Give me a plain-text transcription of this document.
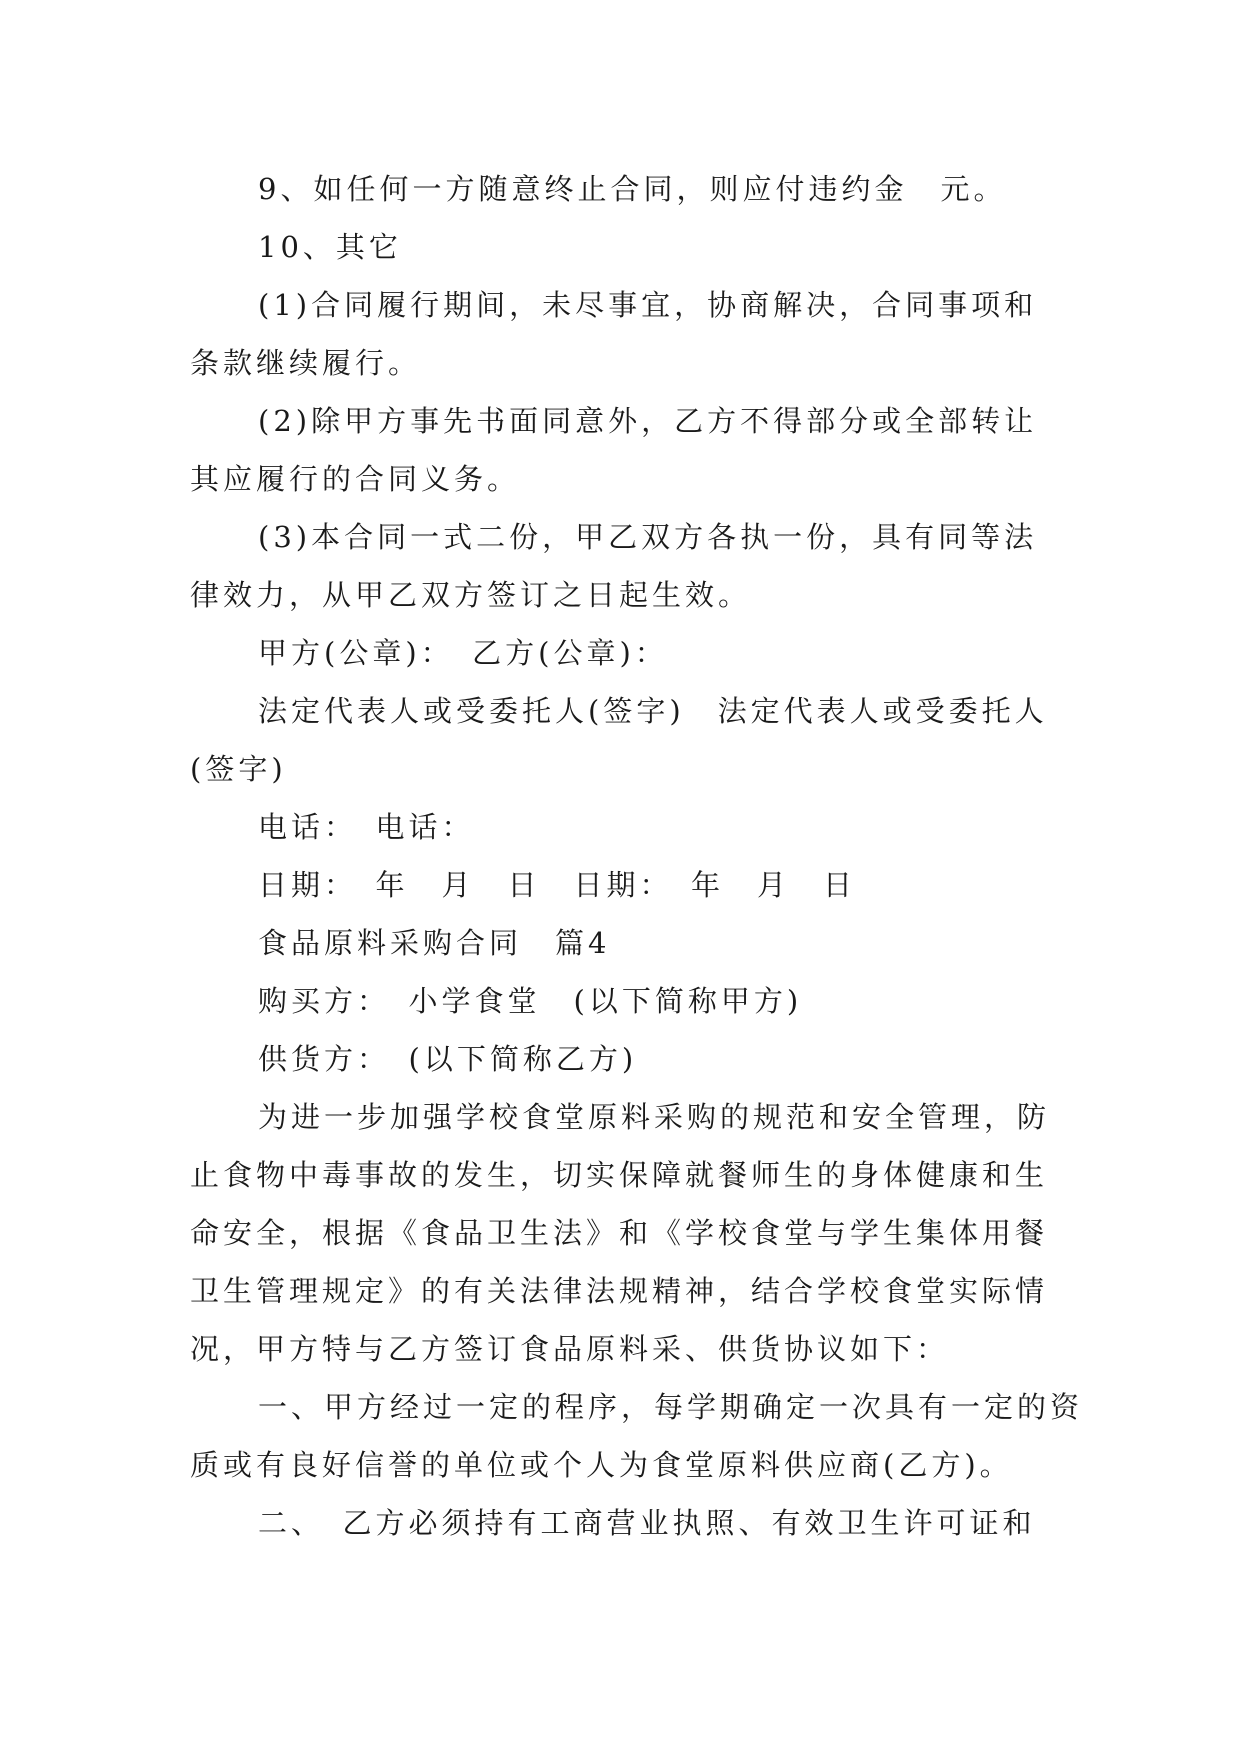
9、如任何一方随意终止合同，则应付违约金　元。

10、其它

(1)合同履行期间，未尽事宜，协商解决，合同事项和条款继续履行。

(2)除甲方事先书面同意外，乙方不得部分或全部转让其应履行的合同义务。

(3)本合同一式二份，甲乙双方各执一份，具有同等法律效力，从甲乙双方签订之日起生效。

甲方(公章)：　乙方(公章)：

法定代表人或受委托人(签字)　法定代表人或受委托人(签字)

电话：　电话：

日期：　年　月　日　日期：　年　月　日

食品原料采购合同　篇4

购买方：　小学食堂　(以下简称甲方)

供货方：　(以下简称乙方)

为进一步加强学校食堂原料采购的规范和安全管理，防止食物中毒事故的发生，切实保障就餐师生的身体健康和生命安全，根据《食品卫生法》和《学校食堂与学生集体用餐卫生管理规定》的有关法律法规精神，结合学校食堂实际情况，甲方特与乙方签订食品原料采、供货协议如下：

一、甲方经过一定的程序，每学期确定一次具有一定的资质或有良好信誉的单位或个人为食堂原料供应商(乙方)。

二、　乙方必须持有工商营业执照、有效卫生许可证和
